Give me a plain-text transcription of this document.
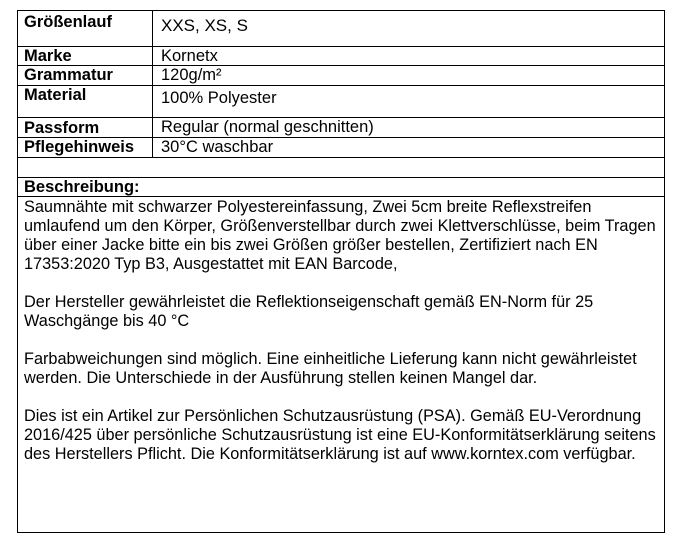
Größenlauf	XXS, XS, S
Marke	Kornetx
Grammatur	120g/m²
Material	100% Polyester
Passform	Regular (normal geschnitten)
Pflegehinweis	30°C waschbar

Beschreibung:	

Saumnähte mit schwarzer Polyestereinfassung, Zwei 5cm breite Reflexstreifen umlaufend um den Körper, Größenverstellbar durch zwei Klettverschlüsse, beim Tragen über einer Jacke bitte ein bis zwei Größen größer bestellen, Zertifiziert nach EN 17353:2020 Typ B3, Ausgestattet mit EAN Barcode,

Der Hersteller gewährleistet die Reflektionseigenschaft gemäß EN-Norm für 25 Waschgänge bis 40 °C

Farbabweichungen sind möglich. Eine einheitliche Lieferung kann nicht gewährleistet werden. Die Unterschiede in der Ausführung stellen keinen Mangel dar.

Dies ist ein Artikel zur Persönlichen Schutzausrüstung (PSA). Gemäß EU-Verordnung 2016/425 über persönliche Schutzausrüstung ist eine EU-Konformitätserklärung seitens des Herstellers Pflicht. Die Konformitätserklärung ist auf www.korntex.com verfügbar.	
